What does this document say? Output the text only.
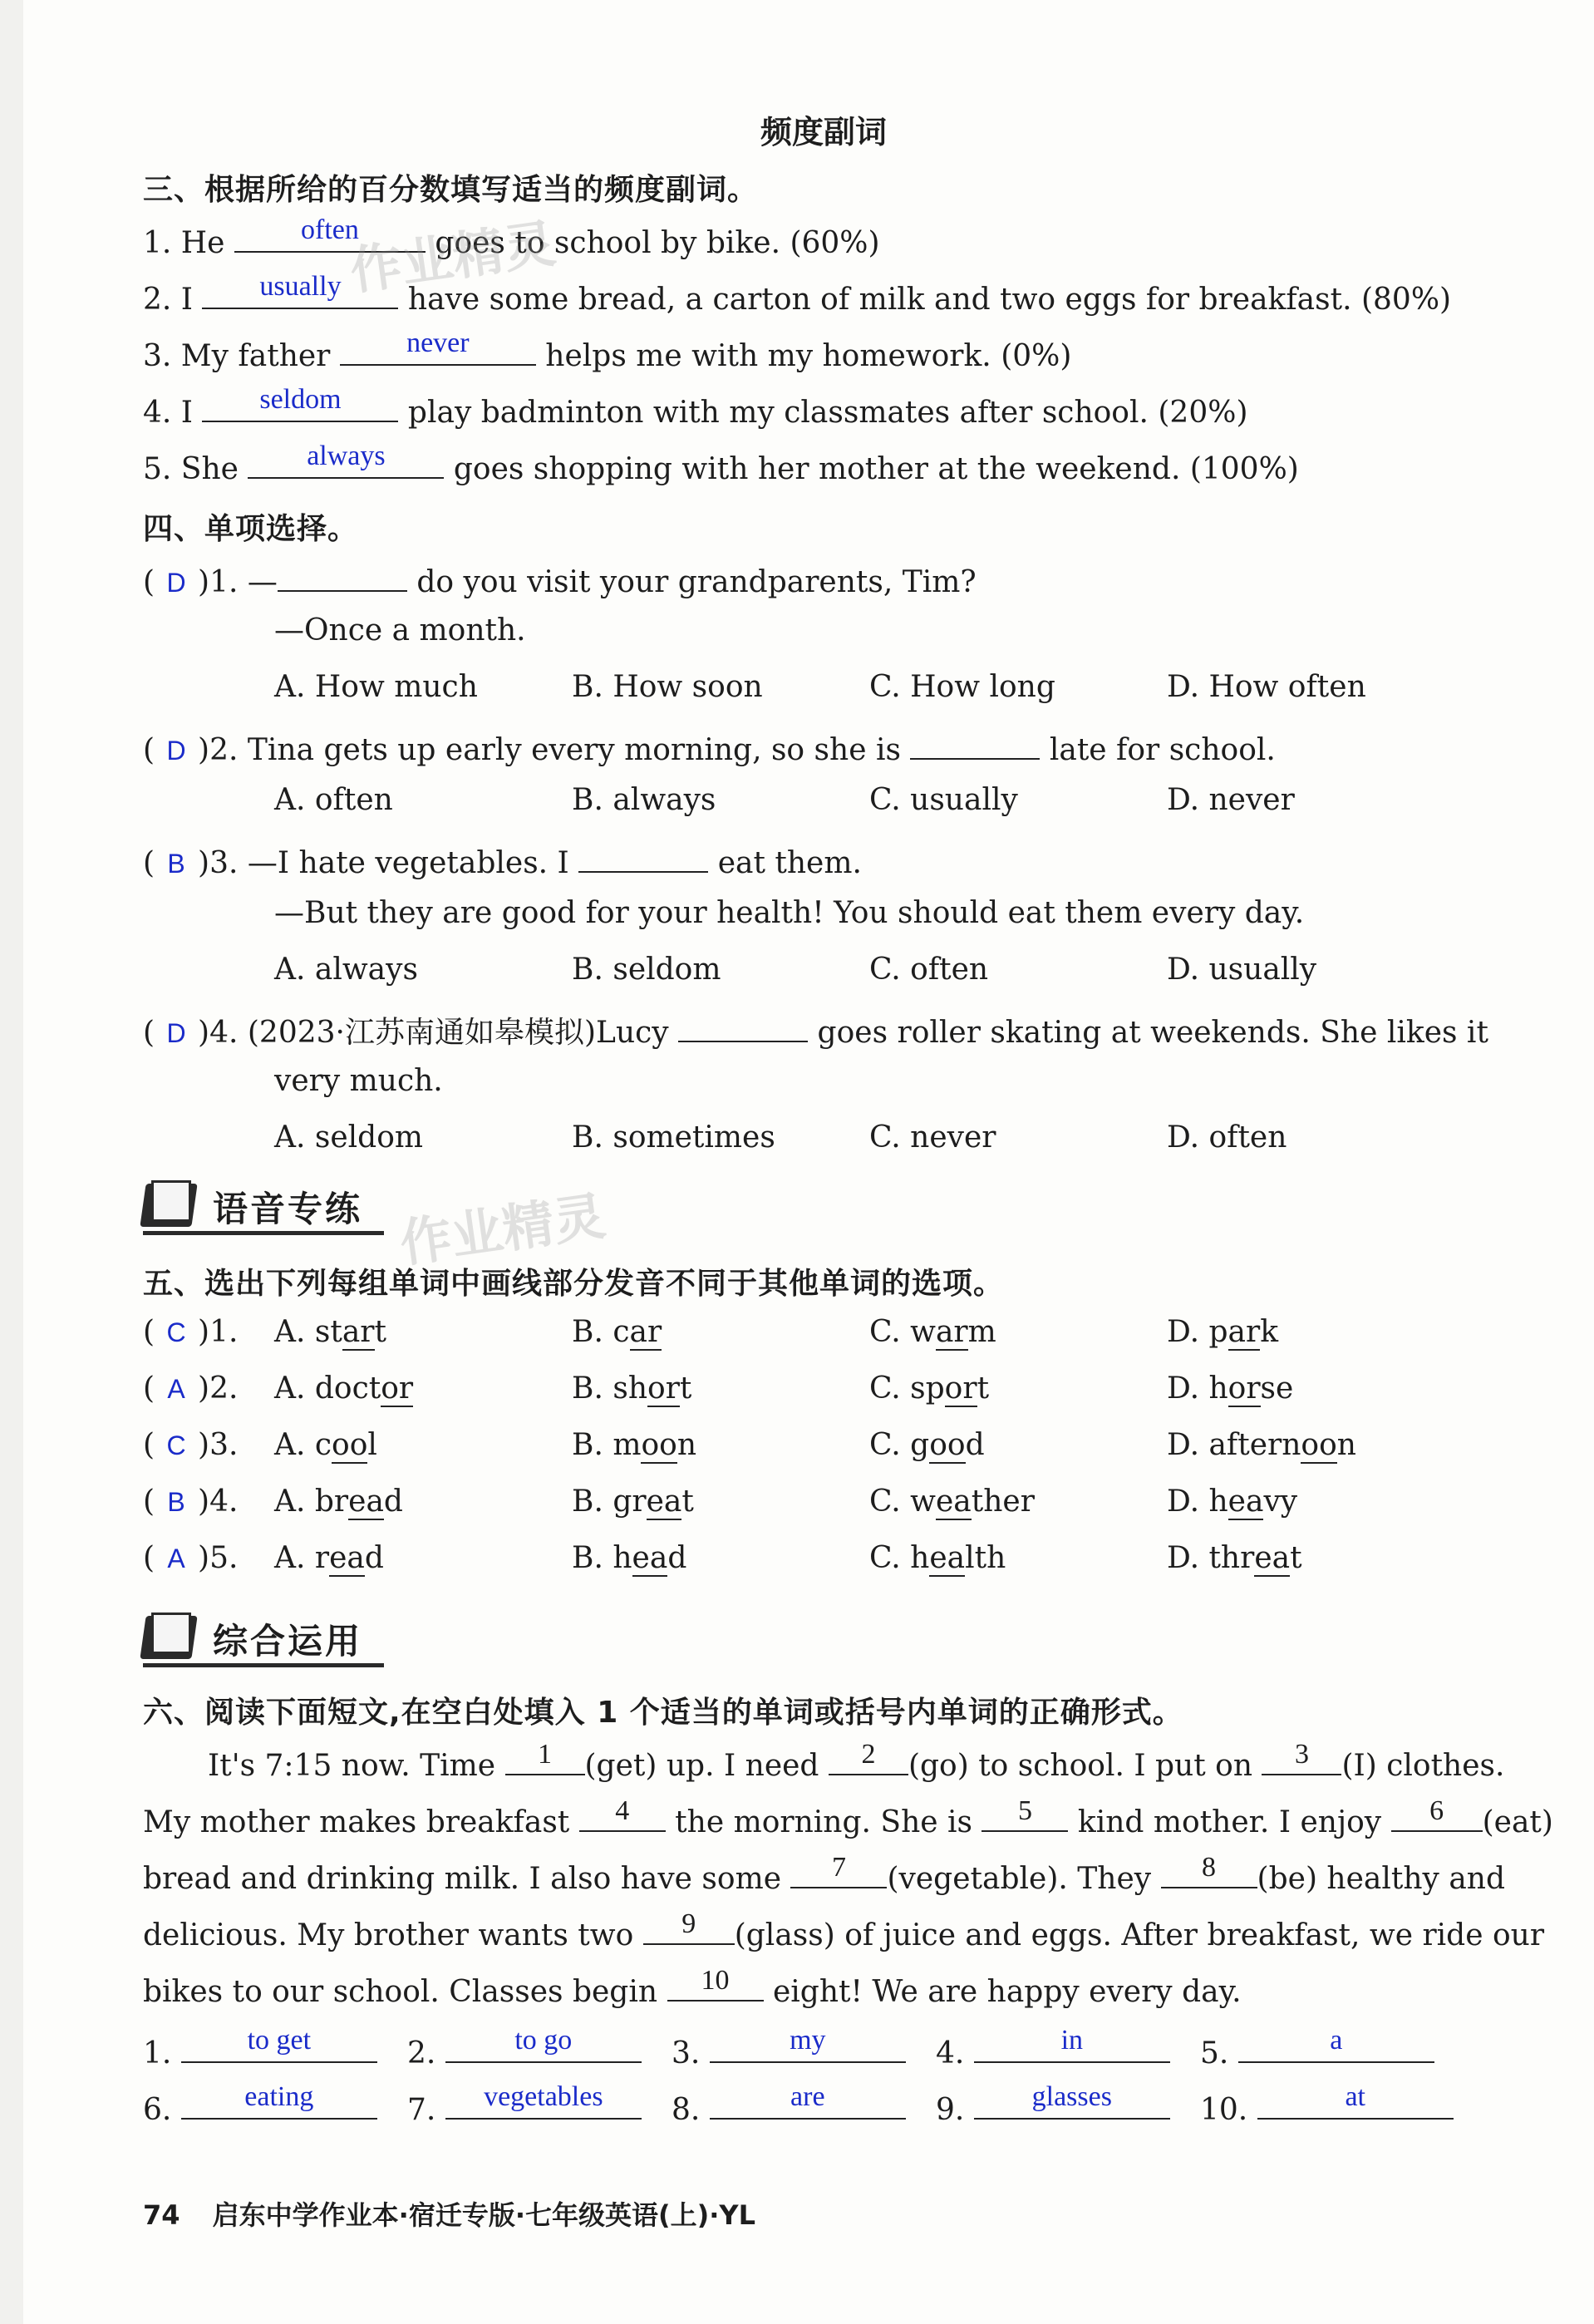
频度副词
三、根据所给的百分数填写适当的频度副词。
1. He	often	goes to school by bike. (60%)
2. I	usually	have some bread, a carton of milk and two eggs for breakfast. (80%)
3. My father	never	helps me with my homework. (0%)
4. I	seldom	play badminton with my classmates after school. (20%)
5. She	always	goes shopping with her mother at the weekend. (100%)
四、单项选择。
( D )1. —	do you visit your grandparents, Tim?
—Once a month.
A. How much	B. How soon	C. How long	D. How often
( D )2. Tina gets up early every morning, so she is	late for school.
A. often	B. always	C. usually	D. never
( B )3. —I hate vegetables. I	eat them.
—But they are good for your health! You should eat them every day.
A. always	B. seldom	C. often	D. usually
( D )4. (2023·江苏南通如皋模拟)Lucy	goes roller skating at weekends. She likes it
very much.
A. seldom	B. sometimes	C. never	D. often
语音专练 作业精灵
作业精灵
五、选出下列每组单词中画线部分发音不同于其他单词的选项。
( C )1. A. start	B. car	C. warm	D. park
( A )2. A. doctor	B. short	C. sport	D. horse
( C )3. A. cool	B. moon	C. good	D. afternoon
( B )4. A. bread	B. great	C. weather	D. heavy
( A )5. A. read	B. head	C. health	D. threat
综合运用
六、阅读下面短文,在空白处填入 1 个适当的单词或括号内单词的正确形式。
It's 7:15 now. Time	1	(get) up. I need	2	(go) to school. I put on	3	(I) clothes.
My mother makes breakfast	4	the morning. She is	5	kind mother. I enjoy	6	(eat)
bread and drinking milk. I also have some	7	(vegetable). They	8	(be) healthy and
delicious. My brother wants two	9	(glass) of juice and eggs. After breakfast, we ride our
bikes to our school. Classes begin	10	eight! We are happy every day.
1.	to get	2.	to go	3.	my	4.	in	5.	a
6.	eating	7.	vegetables	8.	are	9.	glasses	10.	at
74 启东中学作业本·宿迁专版·七年级英语(上)·YL
